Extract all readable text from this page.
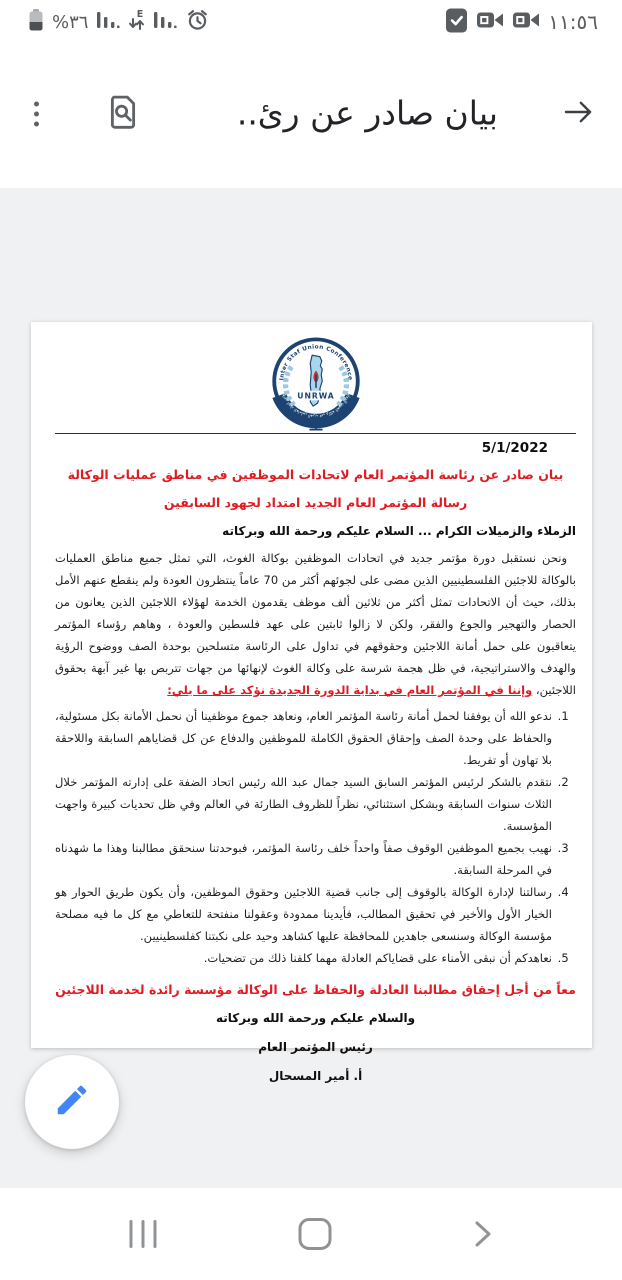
%٣٦	E	١١:٥٦
بيان صادر عن رئ..
Inter Staf Union Conference
UNRWA	مؤتمر اتحاد العاملين العرب في وكالة الغوث الدولية
5/1/2022
بيان صادر عن رئاسة المؤتمر العام لاتحادات الموظفين في مناطق عمليات الوكالة
رسالة المؤتمر العام الجديد امتداد لجهود السابقين
الزملاء والزميلات الكرام ... السلام عليكم ورحمة الله وبركاته

ونحن نستقبل دورة مؤتمر جديد في اتحادات الموظفين بوكالة الغوث، التي تمثل جميع مناطق العمليات بالوكالة للاجئين الفلسطينيين الذين مضى على لجوئهم أكثر من 70 عاماً ينتظرون العودة ولم ينقطع عنهم الأمل بذلك، حيث أن الاتحادات تمثل أكثر من ثلاثين ألف موظف يقدمون الخدمة لهؤلاء اللاجئين الذين يعانون من الحصار والتهجير والجوع والفقر، ولكن لا زالوا ثابتين على عهد فلسطين والعودة ، وهاهم رؤساء المؤتمر يتعاقبون على حمل أمانة اللاجئين وحقوقهم في تداول على الرئاسة متسلحين بوحدة الصف ووضوح الرؤية والهدف والاستراتيجية، في ظل هجمة شرسة على وكالة الغوث لإنهائها من جهات تتربص بها غير آبهة بحقوق اللاجئين، وإننا في المؤتمر العام في بداية الدورة الجديدة نؤكد على ما يلي:

1. ندعو الله أن يوفقنا لحمل أمانة رئاسة المؤتمر العام، ونعاهد جموع موظفينا أن نحمل الأمانة بكل مسئولية، والحفاظ على وحدة الصف وإحقاق الحقوق الكاملة للموظفين والدفاع عن كل قضاياهم السابقة واللاحقة بلا تهاون أو تفريط.
2. نتقدم بالشكر لرئيس المؤتمر السابق السيد جمال عبد الله رئيس اتحاد الضفة على إدارته المؤتمر خلال الثلاث سنوات السابقة وبشكل استثنائي، نظراً للظروف الطارئة في العالم وفي ظل تحديات كبيرة واجهت المؤسسة.
3. نهيب بجميع الموظفين الوقوف صفاً واحداً خلف رئاسة المؤتمر، فبوحدتنا سنحقق مطالبنا وهذا ما شهدناه في المرحلة السابقة.
4. رسالتنا لإدارة الوكالة بالوقوف إلى جانب قضية اللاجئين وحقوق الموظفين، وأن يكون طريق الحوار هو الخيار الأول والأخير في تحقيق المطالب، فأيدينا ممدودة وعقولنا منفتحة للتعاطي مع كل ما فيه مصلحة مؤسسة الوكالة وسنسعى جاهدين للمحافظة عليها كشاهد وحيد على نكبتنا كفلسطينيين.
5. نعاهدكم أن نبقى الأمناء على قضاياكم العادلة مهما كلفنا ذلك من تضحيات.
معاً من أجل إحقاق مطالبنا العادلة والحفاظ على الوكالة مؤسسة رائدة لخدمة اللاجئين
والسلام عليكم ورحمة الله وبركاته
رئيس المؤتمر العام
أ. أمير المسحال
